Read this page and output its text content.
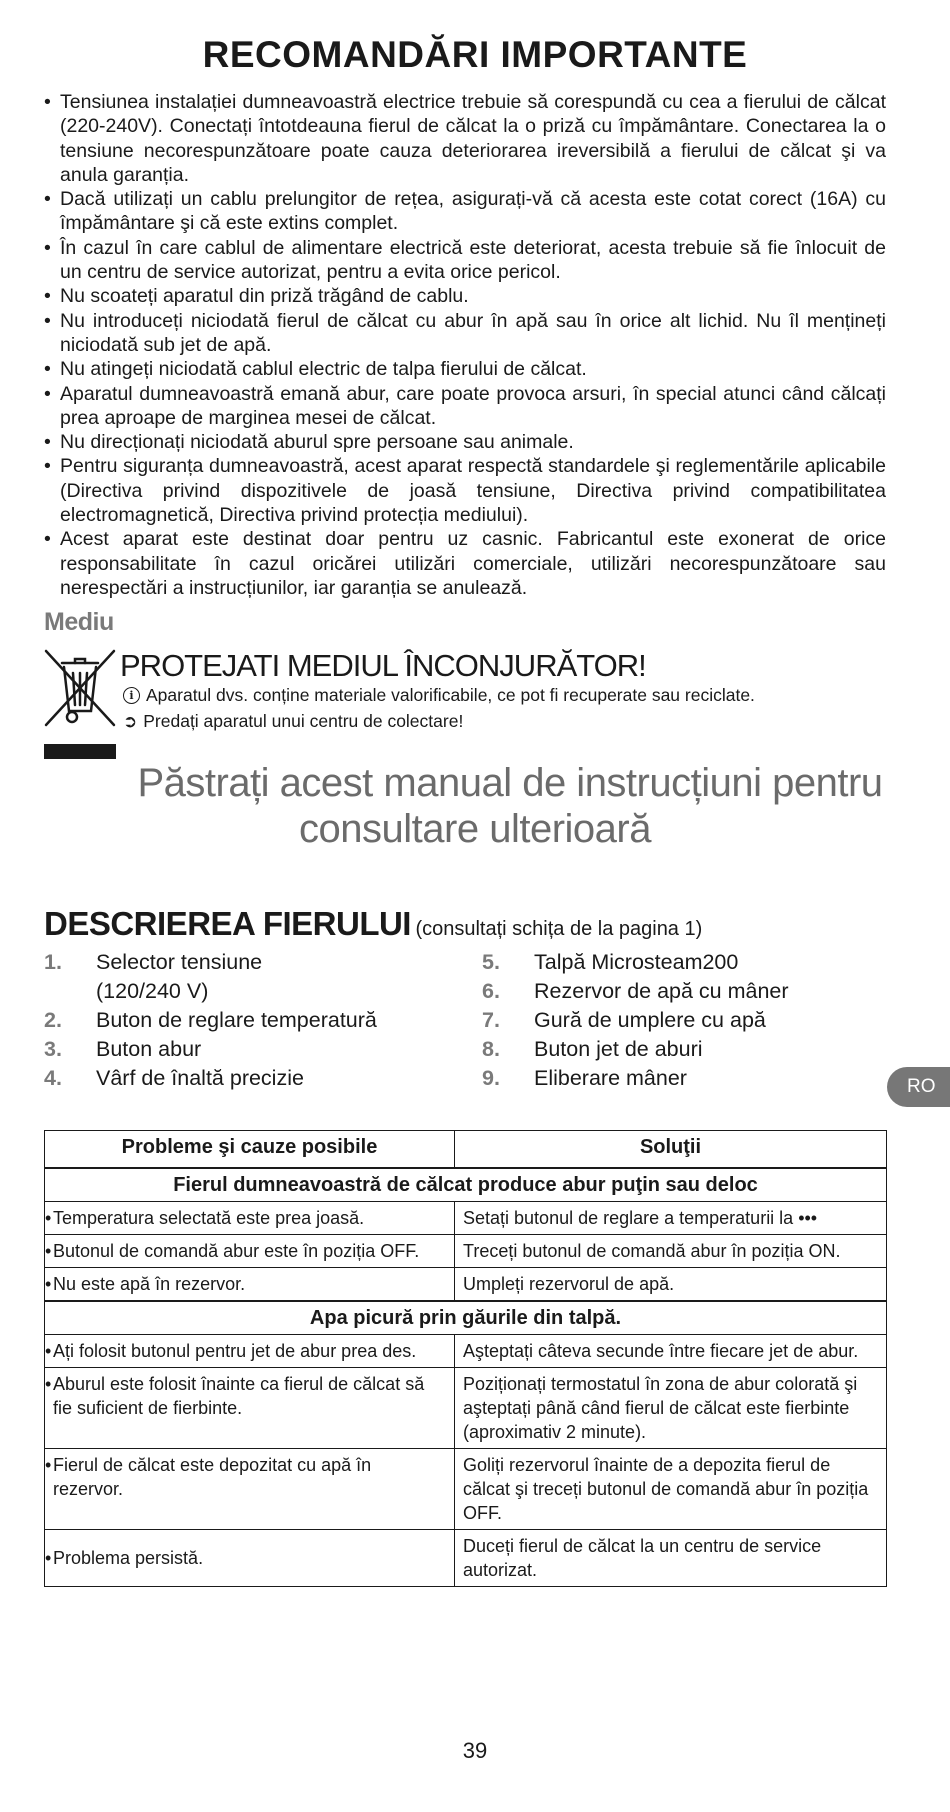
RECOMANDĂRI IMPORTANTE
• Tensiunea instalației dumneavoastră electrice trebuie să corespundă cu cea a fierului de călcat (220-240V). Conectați întotdeauna fierul de călcat la o priză cu împământare. Conectarea la o tensiune necorespunzătoare poate cauza deteriorarea ireversibilă a fierului de călcat şi va anula garanția.
• Dacă utilizați un cablu prelungitor de rețea, asigurați-vă că acesta este cotat corect (16A) cu împământare şi că este extins complet.
• În cazul în care cablul de alimentare electrică este deteriorat, acesta trebuie să fie înlocuit de un centru de service autorizat, pentru a evita orice pericol.
• Nu scoateți aparatul din priză trăgând de cablu.
• Nu introduceți niciodată fierul de călcat cu abur în apă sau în orice alt lichid. Nu îl mențineți niciodată sub jet de apă.
• Nu atingeți niciodată cablul electric de talpa fierului de călcat.
• Aparatul dumneavoastră emană abur, care poate provoca arsuri, în special atunci când călcați prea aproape de marginea mesei de călcat.
• Nu direcționați niciodată aburul spre persoane sau animale.
• Pentru siguranța dumneavoastră, acest aparat respectă standardele şi reglementările aplicabile (Directiva privind dispozitivele de joasă tensiune, Directiva privind compatibilitatea electromagnetică, Directiva privind protecția mediului).
• Acest aparat este destinat doar pentru uz casnic. Fabricantul este exonerat de orice responsabilitate în cazul oricărei utilizări comerciale, utilizări necorespunzătoare sau nerespectări a instrucțiunilor, iar garanția se anulează.
Mediu
PROTEJATI MEDIUL ÎNCONJURĂTOR!
i Aparatul dvs. conține materiale valorificabile, ce pot fi recuperate sau reciclate.
➲ Predați aparatul unui centru de colectare!
Păstrați acest manual de instrucțiuni pentru
consultare ulterioară
DESCRIEREA FIERULUI (consultați schița de la pagina 1)
1.	Selector tensiune
(120/240 V)
2.	Buton de reglare temperatură
3.	Buton abur
4.	Vârf de înaltă precizie
5.	Talpă Microsteam200
6.	Rezervor de apă cu mâner
7.	Gură de umplere cu apă
8.	Buton jet de aburi
9.	Eliberare mâner	RO
Probleme şi cauze posibile	Soluţii
Fierul dumneavoastră de călcat produce abur puţin sau deloc	
• Temperatura selectată este prea joasă.	Setați butonul de reglare a temperaturii la •••
• Butonul de comandă abur este în poziția OFF.	Treceți butonul de comandă abur în poziția ON.
• Nu este apă în rezervor.	Umpleți rezervorul de apă.
Apa picură prin găurile din talpă.	
• Ați folosit butonul pentru jet de abur prea des.	Aşteptați câteva secunde între fiecare jet de abur.
• Aburul este folosit înainte ca fierul de călcat să fie suficient de fierbinte.	Poziționați termostatul în zona de abur colorată şi aşteptați până când fierul de călcat este fierbinte (aproximativ 2 minute).
• Fierul de călcat este depozitat cu apă în rezervor.	Goliți rezervorul înainte de a depozita fierul de călcat şi treceți butonul de comandă abur în poziția OFF.
• Problema persistă.	Duceți fierul de călcat la un centru de service autorizat.
39
